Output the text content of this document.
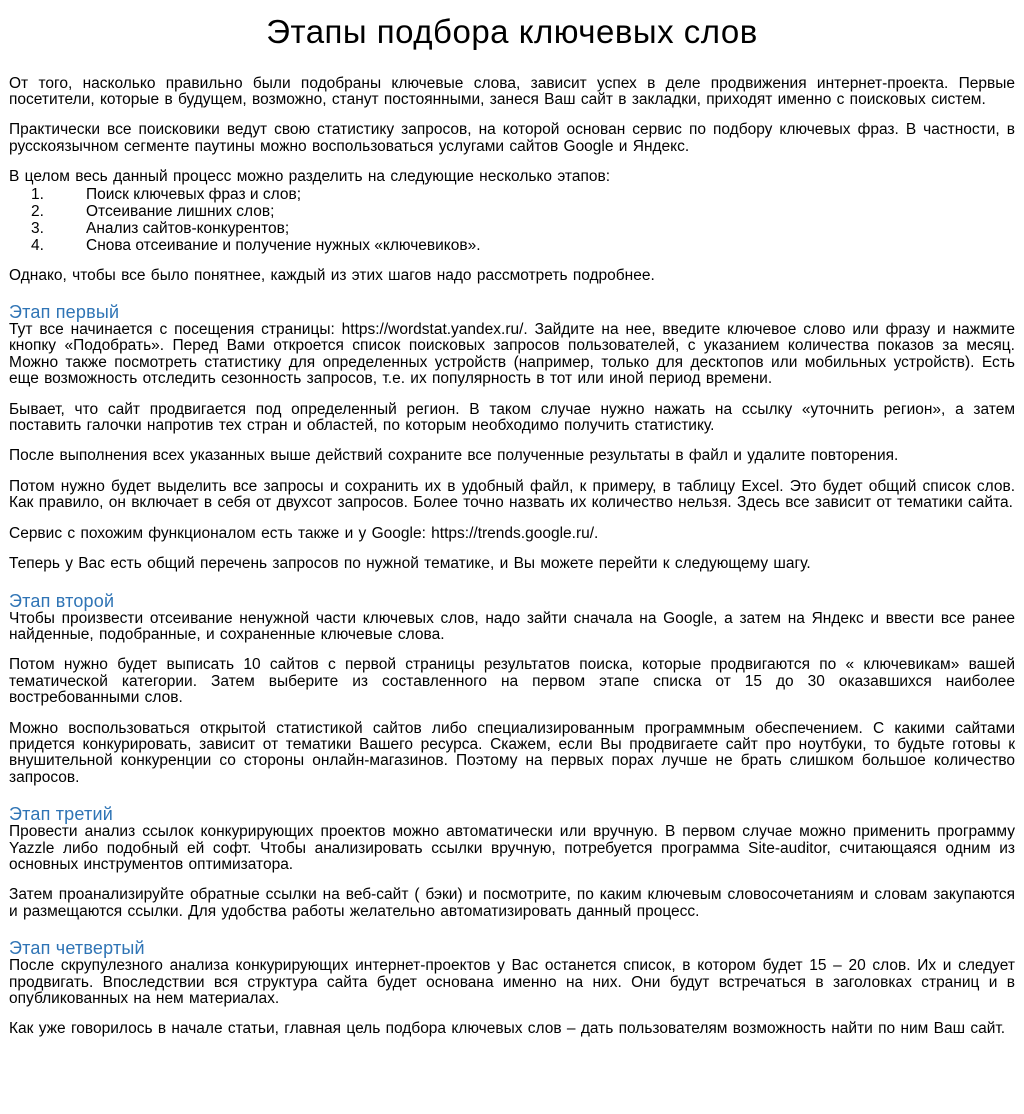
Этапы подбора ключевых слов

От того, насколько правильно были подобраны ключевые слова, зависит успех в деле продвижения интернет-проекта. Первые посетители, которые в будущем, возможно, станут постоянными, занеся Ваш сайт в закладки, приходят именно с поисковых систем.

Практически все поисковики ведут свою статистику запросов, на которой основан сервис по подбору ключевых фраз. В частности, в русскоязычном сегменте паутины можно воспользоваться услугами сайтов Google и Яндекс.

В целом весь данный процесс можно разделить на следующие несколько этапов:

1.	Поиск ключевых фраз и слов;
2.	Отсеивание лишних слов;
3.	Анализ сайтов-конкурентов;
4.	Снова отсеивание и получение нужных «ключевиков».

Однако, чтобы все было понятнее, каждый из этих шагов надо рассмотреть подробнее.

Этап первый

Тут все начинается с посещения страницы: https://wordstat.yandex.ru/. Зайдите на нее, введите ключевое слово или фразу и нажмите кнопку «Подобрать». Перед Вами откроется список поисковых запросов пользователей, с указанием количества показов за месяц. Можно также посмотреть статистику для определенных устройств (например, только для десктопов или мобильных устройств). Есть еще возможность отследить сезонность запросов, т.е. их популярность в тот или иной период времени.

Бывает, что сайт продвигается под определенный регион. В таком случае нужно нажать на ссылку «уточнить регион», а затем поставить галочки напротив тех стран и областей, по которым необходимо получить статистику.

После выполнения всех указанных выше действий сохраните все полученные результаты в файл и удалите повторения.

Потом нужно будет выделить все запросы и сохранить их в удобный файл, к примеру, в таблицу Excel. Это будет общий список слов. Как правило, он включает в себя от двухсот запросов. Более точно назвать их количество нельзя. Здесь все зависит от тематики сайта.

Сервис с похожим функционалом есть также и у Google: https://trends.google.ru/.

Теперь у Вас есть общий перечень запросов по нужной тематике, и Вы можете перейти к следующему шагу.

Этап второй

Чтобы произвести отсеивание ненужной части ключевых слов, надо зайти сначала на Google, а затем на Яндекс и ввести все ранее найденные, подобранные, и сохраненные ключевые слова.

Потом нужно будет выписать 10 сайтов с первой страницы результатов поиска, которые продвигаются по « ключевикам» вашей тематической категории. Затем выберите из составленного на первом этапе списка от 15 до 30 оказавшихся наиболее востребованными слов.

Можно воспользоваться открытой статистикой сайтов либо специализированным программным обеспечением. С какими сайтами придется конкурировать, зависит от тематики Вашего ресурса. Скажем, если Вы продвигаете сайт про ноутбуки, то будьте готовы к внушительной конкуренции со стороны онлайн-магазинов. Поэтому на первых порах лучше не брать слишком большое количество запросов.

Этап третий

Провести анализ ссылок конкурирующих проектов можно автоматически или вручную. В первом случае можно применить программу Yazzle либо подобный ей софт. Чтобы анализировать ссылки вручную, потребуется программа Site-auditor, считающаяся одним из основных инструментов оптимизатора.

Затем проанализируйте обратные ссылки на веб-сайт ( бэки) и посмотрите, по каким ключевым словосочетаниям и словам закупаются и размещаются ссылки. Для удобства работы желательно автоматизировать данный процесс.

Этап четвертый

После скрупулезного анализа конкурирующих интернет-проектов у Вас останется список, в котором будет 15 – 20 слов. Их и следует продвигать. Впоследствии вся структура сайта будет основана именно на них. Они будут встречаться в заголовках страниц и в опубликованных на нем материалах.

Как уже говорилось в начале статьи, главная цель подбора ключевых слов – дать пользователям возможность найти по ним Ваш сайт.
